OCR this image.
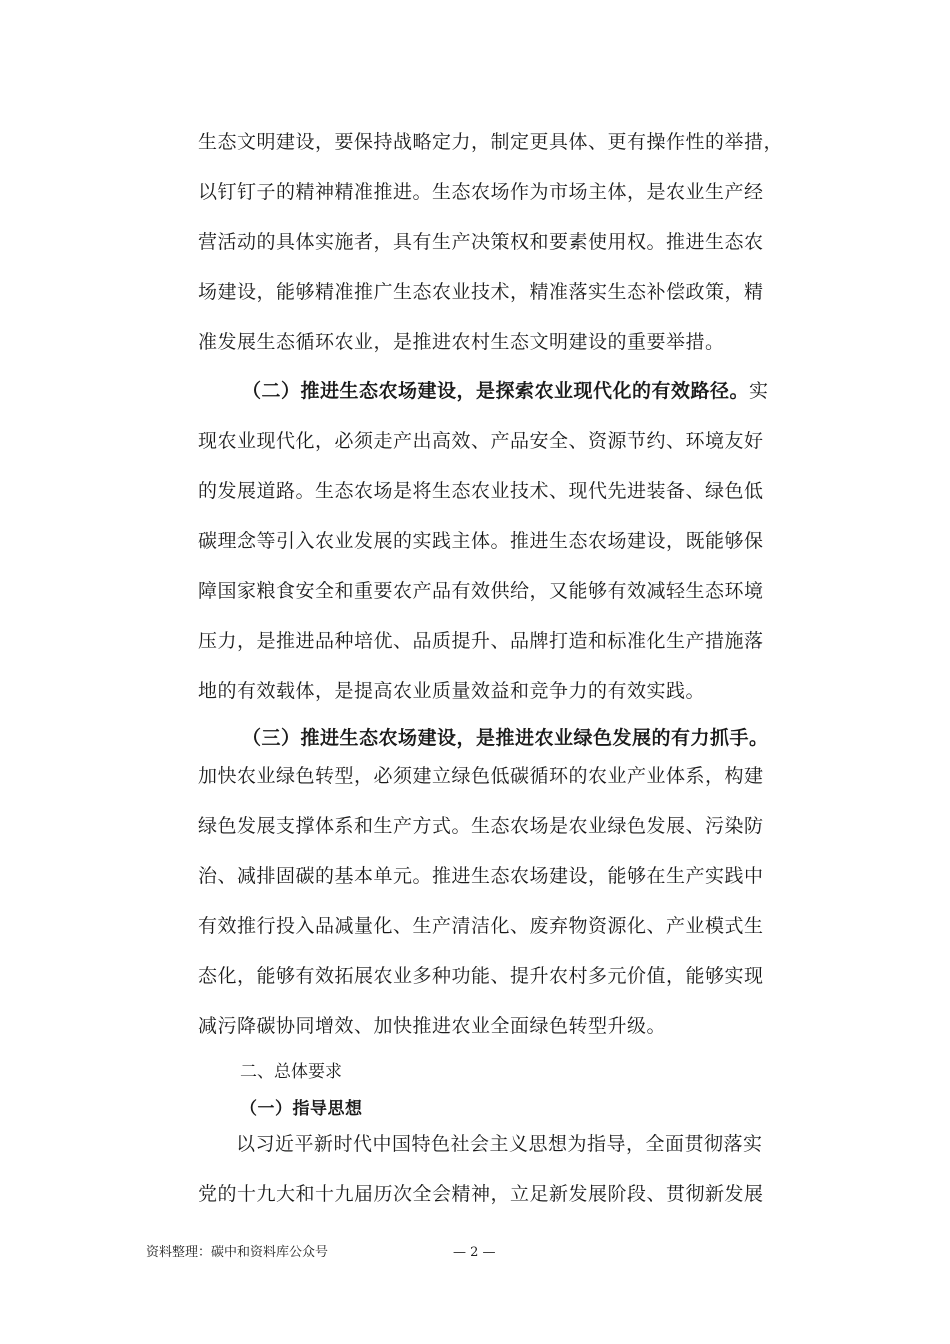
生态文明建设，要保持战略定力，制定更具体、更有操作性的举措，
以钉钉子的精神精准推进。生态农场作为市场主体，是农业生产经
营活动的具体实施者，具有生产决策权和要素使用权。推进生态农
场建设，能够精准推广生态农业技术，精准落实生态补偿政策，精
准发展生态循环农业，是推进农村生态文明建设的重要举措。
（二）推进生态农场建设，是探索农业现代化的有效路径。实
现农业现代化，必须走产出高效、产品安全、资源节约、环境友好
的发展道路。生态农场是将生态农业技术、现代先进装备、绿色低
碳理念等引入农业发展的实践主体。推进生态农场建设，既能够保
障国家粮食安全和重要农产品有效供给，又能够有效减轻生态环境
压力，是推进品种培优、品质提升、品牌打造和标准化生产措施落
地的有效载体，是提高农业质量效益和竞争力的有效实践。
（三）推进生态农场建设，是推进农业绿色发展的有力抓手。
加快农业绿色转型，必须建立绿色低碳循环的农业产业体系，构建
绿色发展支撑体系和生产方式。生态农场是农业绿色发展、污染防
治、减排固碳的基本单元。推进生态农场建设，能够在生产实践中
有效推行投入品减量化、生产清洁化、废弃物资源化、产业模式生
态化，能够有效拓展农业多种功能、提升农村多元价值，能够实现
减污降碳协同增效、加快推进农业全面绿色转型升级。
二、总体要求
（一）指导思想
以习近平新时代中国特色社会主义思想为指导，全面贯彻落实
党的十九大和十九届历次全会精神，立足新发展阶段、贯彻新发展
资料整理：碳中和资料库公众号	— 2 —
